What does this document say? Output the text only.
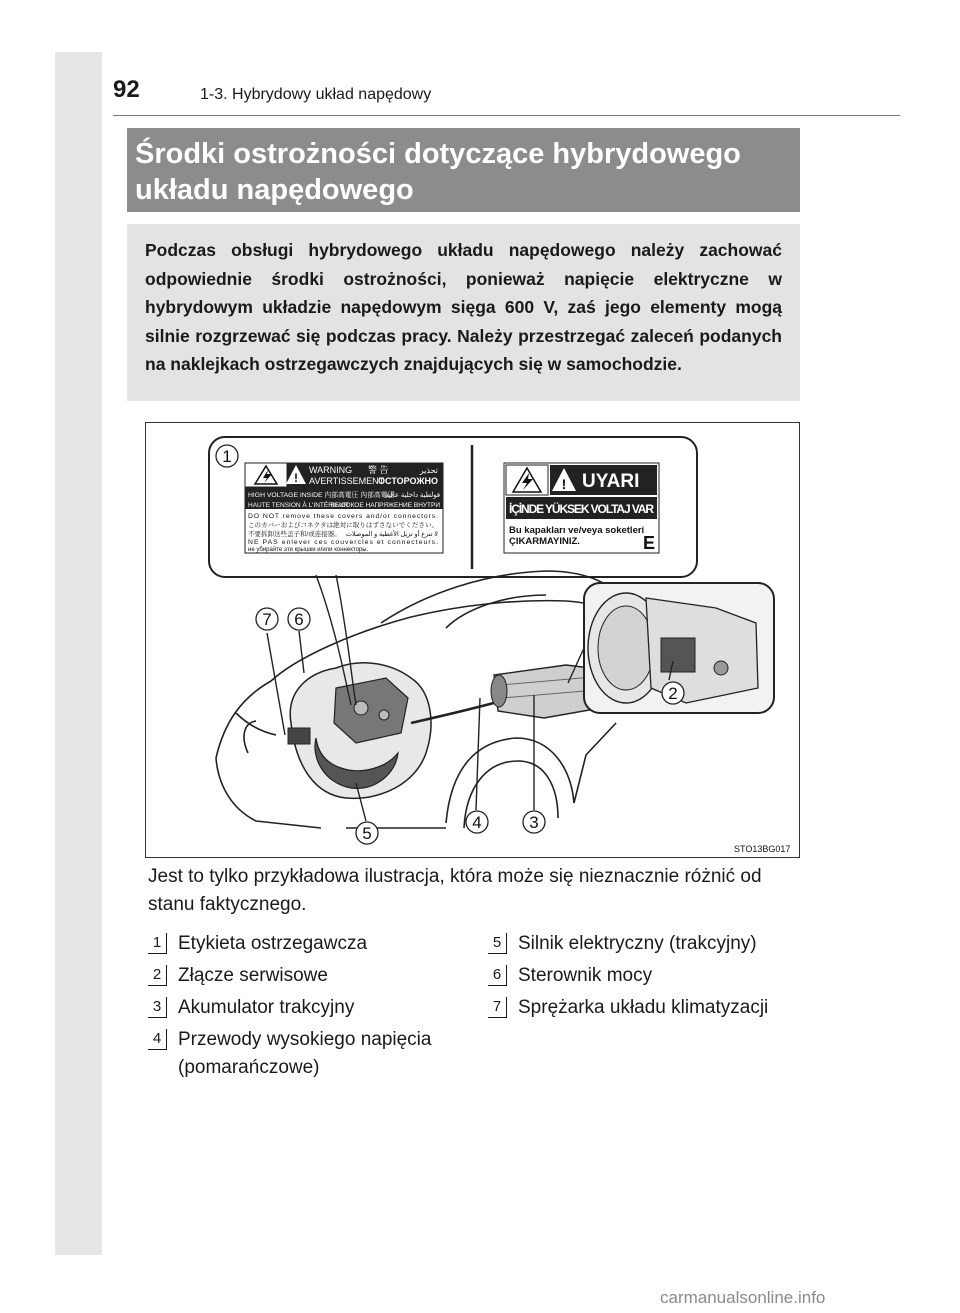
92	1-3. Hybrydowy układ napędowy
Środki ostrożności dotyczące hybrydowego układu napędowego
Podczas obsługi hybrydowego układu napędowego należy zachować odpowiednie środki ostrożności, ponieważ napięcie elektryczne w hybrydowym układzie napędowym sięga 600 V, zaś jego elementy mogą silnie rozgrzewać się podczas pracy. Należy przestrzegać zaleceń podanych na naklejkach ostrzegawczych znajdujących się w samochodzie.
!
WARNING 警 告	تحذير
AVERTISSEMENT
ОСТОРОЖНО
HIGH VOLTAGE INSIDE 内部高電圧 內部高電压
فولطية داخلية عالية
HAUTE TENSION À L'INTÉRIEUR
ВЫСОКОЕ НАПРЯЖЕНИЕ ВНУТРИ
DO NOT remove these covers and/or connectors.
このカバーおよびコネクタは絶対に取りはずさないでください。
不要拆卸这些盖子和/或连接器。 لا تنزع أو تزيل الأغطية و الموصلات
NE PAS enlever ces couvercles et connecteurs.
не убирайте эти крышки и/или коннекторы.
! UYARI
İÇİNDE YÜKSEK VOLTAJ VAR
Bu kapakları ve/veya soketleri
ÇIKARMAYINIZ.	E
1
2
3
4
5
6
7
STO13BG017
Jest to tylko przykładowa ilustracja, która może się nieznacznie różnić od stanu faktycznego.
1 Etykieta ostrzegawcza
2 Złącze serwisowe
3 Akumulator trakcyjny
4 Przewody wysokiego napięcia (pomarańczowe)
5 Silnik elektryczny (trakcyjny)
6 Sterownik mocy
7 Sprężarka układu klimatyzacji
carmanualsonline.info
